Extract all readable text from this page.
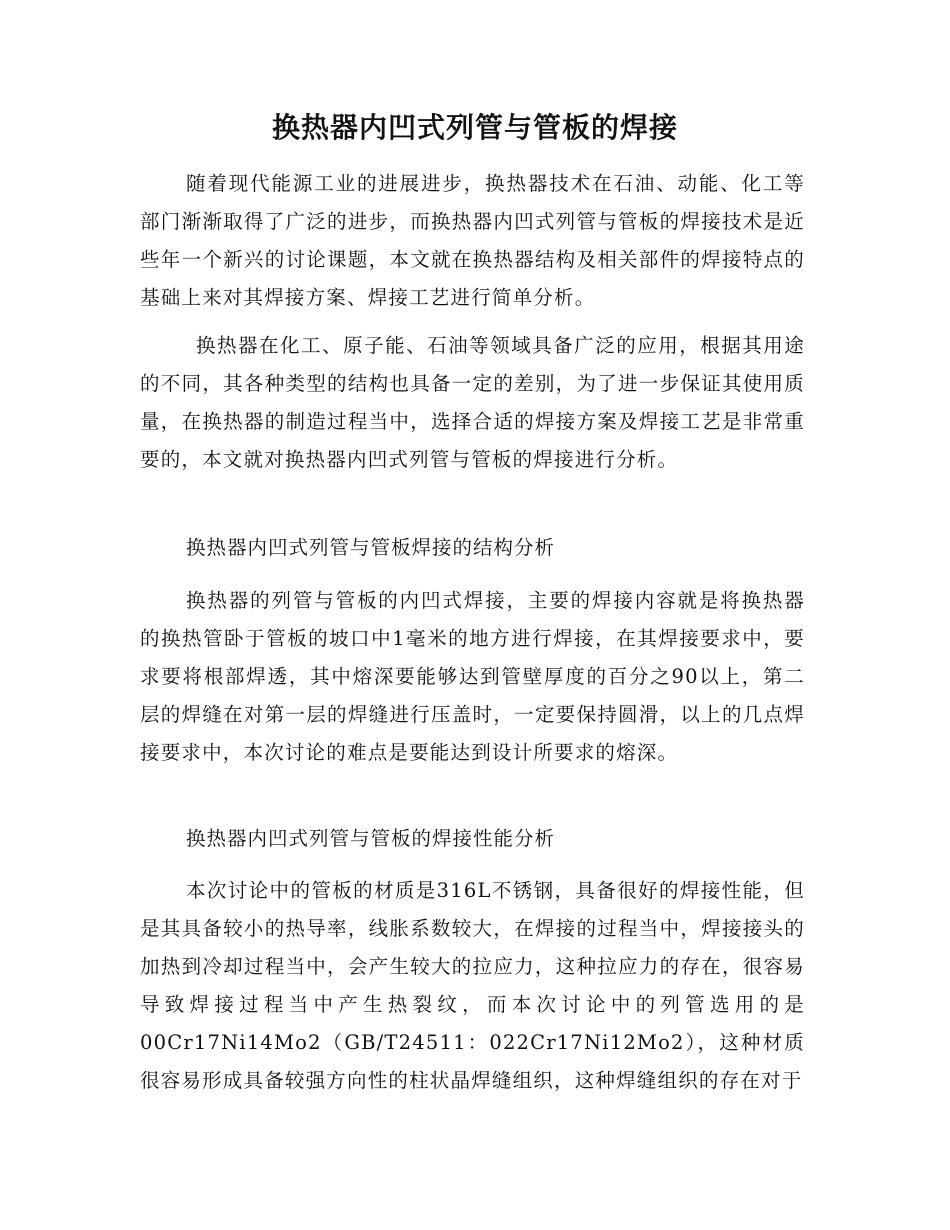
换热器内凹式列管与管板的焊接

随着现代能源工业的进展进步，换热器技术在石油、动能、化工等部门渐渐取得了广泛的进步，而换热器内凹式列管与管板的焊接技术是近些年一个新兴的讨论课题，本文就在换热器结构及相关部件的焊接特点的基础上来对其焊接方案、焊接工艺进行简单分析。

换热器在化工、原子能、石油等领域具备广泛的应用，根据其用途的不同，其各种类型的结构也具备一定的差别，为了进一步保证其使用质量，在换热器的制造过程当中，选择合适的焊接方案及焊接工艺是非常重要的，本文就对换热器内凹式列管与管板的焊接进行分析。

换热器内凹式列管与管板焊接的结构分析

换热器的列管与管板的内凹式焊接，主要的焊接内容就是将换热器的换热管卧于管板的坡口中1毫米的地方进行焊接，在其焊接要求中，要求要将根部焊透，其中熔深要能够达到管壁厚度的百分之90以上，第二层的焊缝在对第一层的焊缝进行压盖时，一定要保持圆滑，以上的几点焊接要求中，本次讨论的难点是要能达到设计所要求的熔深。

换热器内凹式列管与管板的焊接性能分析

本次讨论中的管板的材质是316L不锈钢，具备很好的焊接性能，但是其具备较小的热导率，线胀系数较大，在焊接的过程当中，焊接接头的加热到冷却过程当中，会产生较大的拉应力，这种拉应力的存在，很容易导致焊接过程当中产生热裂纹，而本次讨论中的列管选用的是00Cr17Ni14Mo2（GB/T24511：022Cr17Ni12Mo2），这种材质很容易形成具备较强方向性的柱状晶焊缝组织，这种焊缝组织的存在对于
